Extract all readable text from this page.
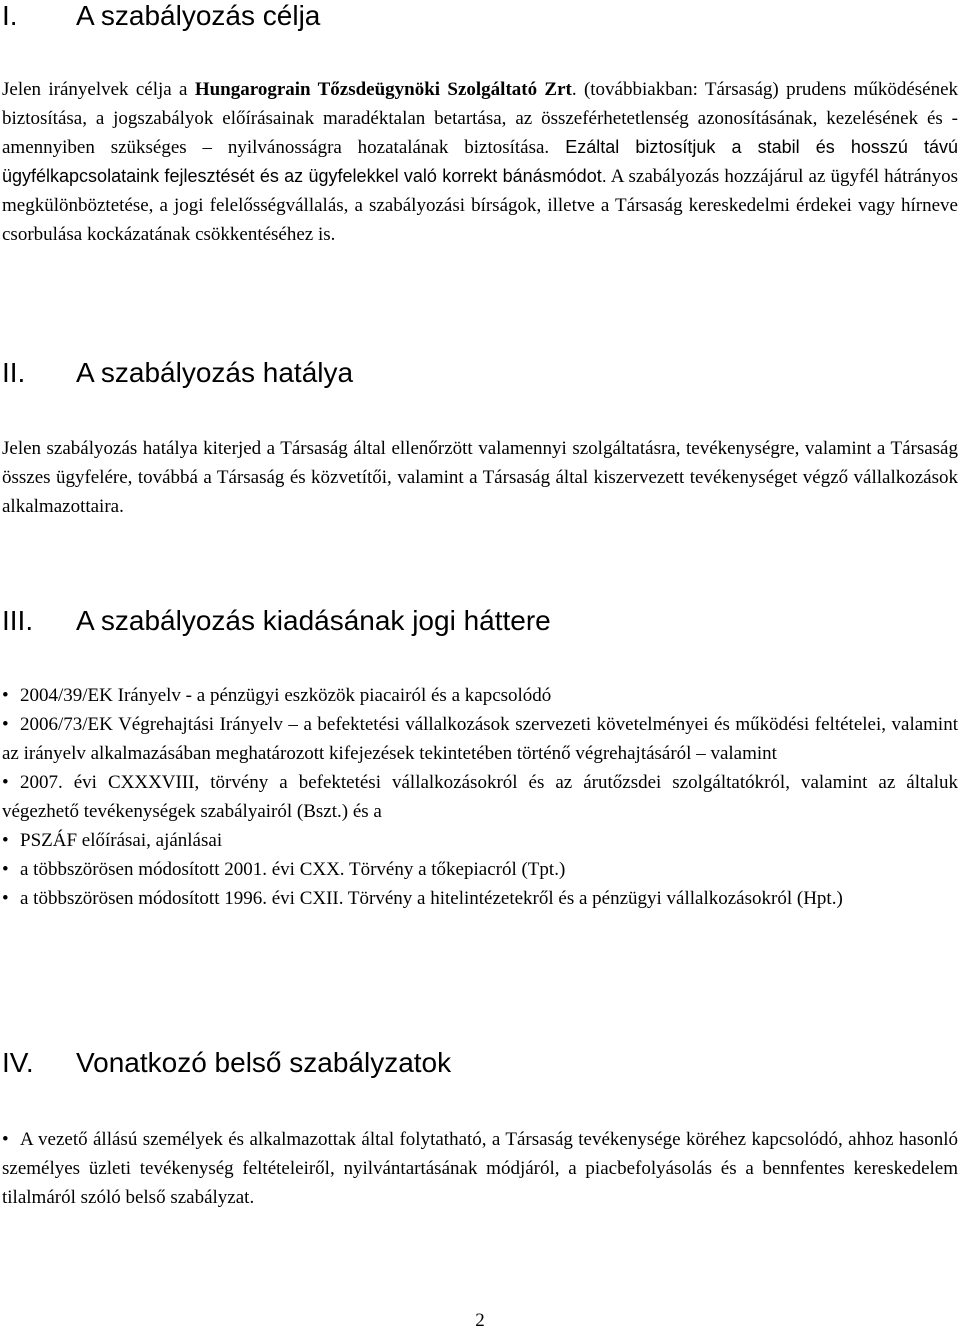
I. A szabályozás célja
Jelen irányelvek célja a Hungarograin Tőzsdeügynöki Szolgáltató Zrt. (továbbiakban: Társaság) prudens működésének biztosítása, a jogszabályok előírásainak maradéktalan betartása, az összeférhetetlenség azonosításának, kezelésének és - amennyiben szükséges – nyilvánosságra hozatalának biztosítása. Ezáltal biztosítjuk a stabil és hosszú távú ügyfélkapcsolataink fejlesztését és az ügyfelekkel való korrekt bánásmódot. A szabályozás hozzájárul az ügyfél hátrányos megkülönböztetése, a jogi felelősségvállalás, a szabályozási bírságok, illetve a Társaság kereskedelmi érdekei vagy hírneve csorbulása kockázatának csökkentéséhez is.
II. A szabályozás hatálya
Jelen szabályozás hatálya kiterjed a Társaság által ellenőrzött valamennyi szolgáltatásra, tevékenységre, valamint a Társaság összes ügyfelére, továbbá a Társaság és közvetítői, valamint a Társaság által kiszervezett tevékenységet végző vállalkozások alkalmazottaira.
III. A szabályozás kiadásának jogi háttere
• 2004/39/EK Irányelv - a pénzügyi eszközök piacairól és a kapcsolódó
• 2006/73/EK Végrehajtási Irányelv – a befektetési vállalkozások szervezeti követelményei és működési feltételei, valamint az irányelv alkalmazásában meghatározott kifejezések tekintetében történő végrehajtásáról – valamint
• 2007. évi CXXXVIII, törvény a befektetési vállalkozásokról és az árutőzsdei szolgáltatókról, valamint az általuk végezhető tevékenységek szabályairól (Bszt.) és a
• PSZÁF előírásai, ajánlásai
• a többszörösen módosított 2001. évi CXX. Törvény a tőkepiacról (Tpt.)
• a többszörösen módosított 1996. évi CXII. Törvény a hitelintézetekről és a pénzügyi vállalkozásokról (Hpt.)
IV. Vonatkozó belső szabályzatok
• A vezető állású személyek és alkalmazottak által folytatható, a Társaság tevékenysége köréhez kapcsolódó, ahhoz hasonló személyes üzleti tevékenység feltételeiről, nyilvántartásának módjáról, a piacbefolyásolás és a bennfentes kereskedelem tilalmáról szóló belső szabályzat.
2
